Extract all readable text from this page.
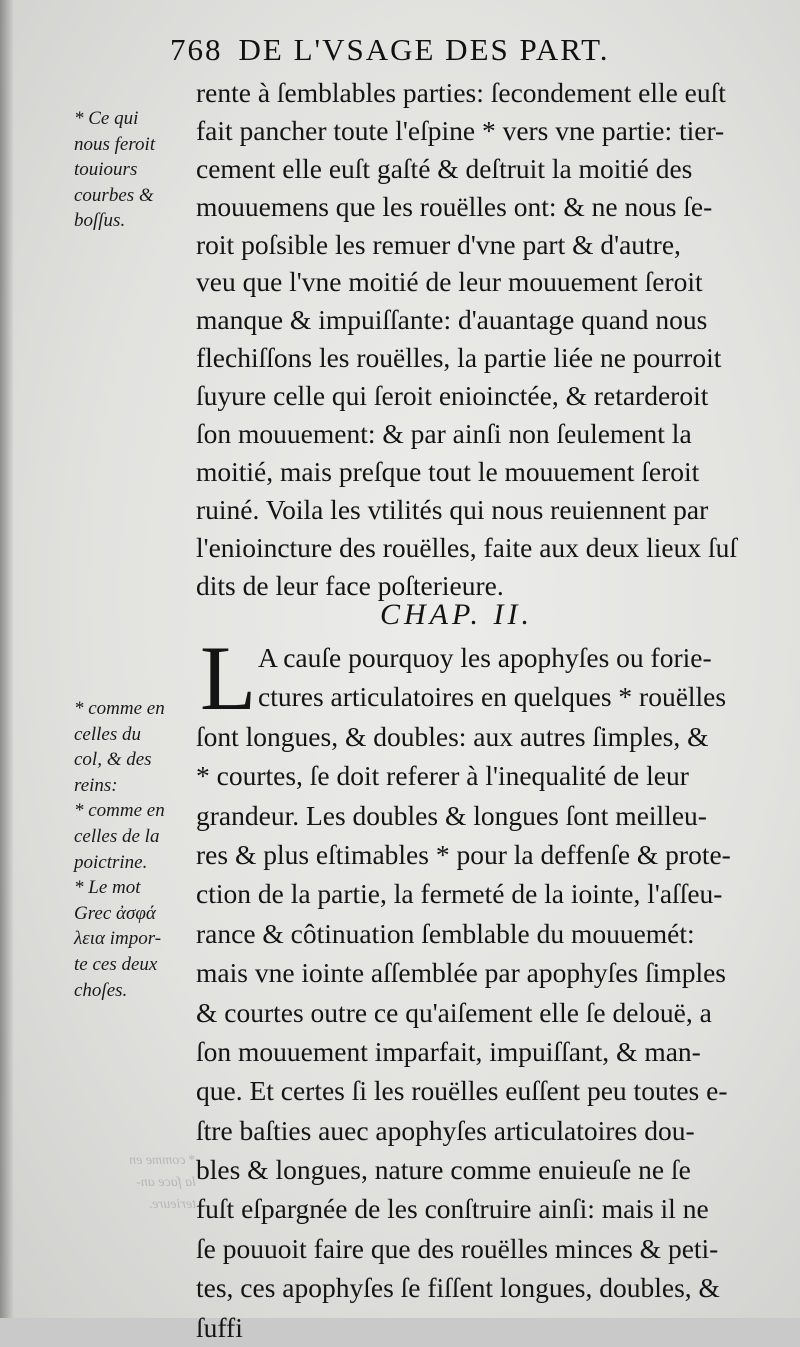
768 DE L'VSAGE DES PART.
* Ce qui
nous feroit
touiours
courbes &
boſſus.
rente à ſemblables parties: ſecondement elle euſt
fait pancher toute l'eſpine * vers vne partie: tier-
cement elle euſt gaſté & deſtruit la moitié des
mouuemens que les rouëlles ont: & ne nous ſe-
roit poſsible les remuer d'vne part & d'autre,
veu que l'vne moitié de leur mouuement ſeroit
manque & impuiſſante: d'auantage quand nous
flechiſſons les rouëlles, la partie liée ne pourroit
ſuyure celle qui ſeroit enioinctée, & retarderoit
ſon mouuement: & par ainſi non ſeulement la
moitié, mais preſque tout le mouuement ſeroit
ruiné. Voila les vtilités qui nous reuiennent par
l'enioincture des rouëlles, faite aux deux lieux ſuſ
dits de leur face poſterieure.
CHAP. II.
L A cauſe pourquoy les apophyſes ou forie-
ctures articulatoires en quelques * rouëlles
ſont longues, & doubles: aux autres ſimples, &
* courtes, ſe doit referer à l'inequalité de leur
grandeur. Les doubles & longues ſont meilleu-
res & plus eſtimables * pour la deffenſe & prote-
ction de la partie, la fermeté de la iointe, l'aſſeu-
rance & côtinuation ſemblable du mouuemét:
mais vne iointe aſſemblée par apophyſes ſimples
& courtes outre ce qu'aiſement elle ſe delouë, a
ſon mouuement imparfait, impuiſſant, & man-
que. Et certes ſi les rouëlles euſſent peu toutes e-
ſtre baſties auec apophyſes articulatoires dou-
bles & longues, nature comme enuieuſe ne ſe
fuſt eſpargnée de les conſtruire ainſi: mais il ne
ſe pouuoit faire que des rouëlles minces & peti-
tes, ces apophyſes ſe fiſſent longues, doubles, &
ſuffi
* comme en
celles du
col, & des
reins:
* comme en
celles de la
poictrine.
* Le mot
Grec ἀσφά
λεια impor-
te ces deux
choſes.
* comme en
la face an-
terieure.
